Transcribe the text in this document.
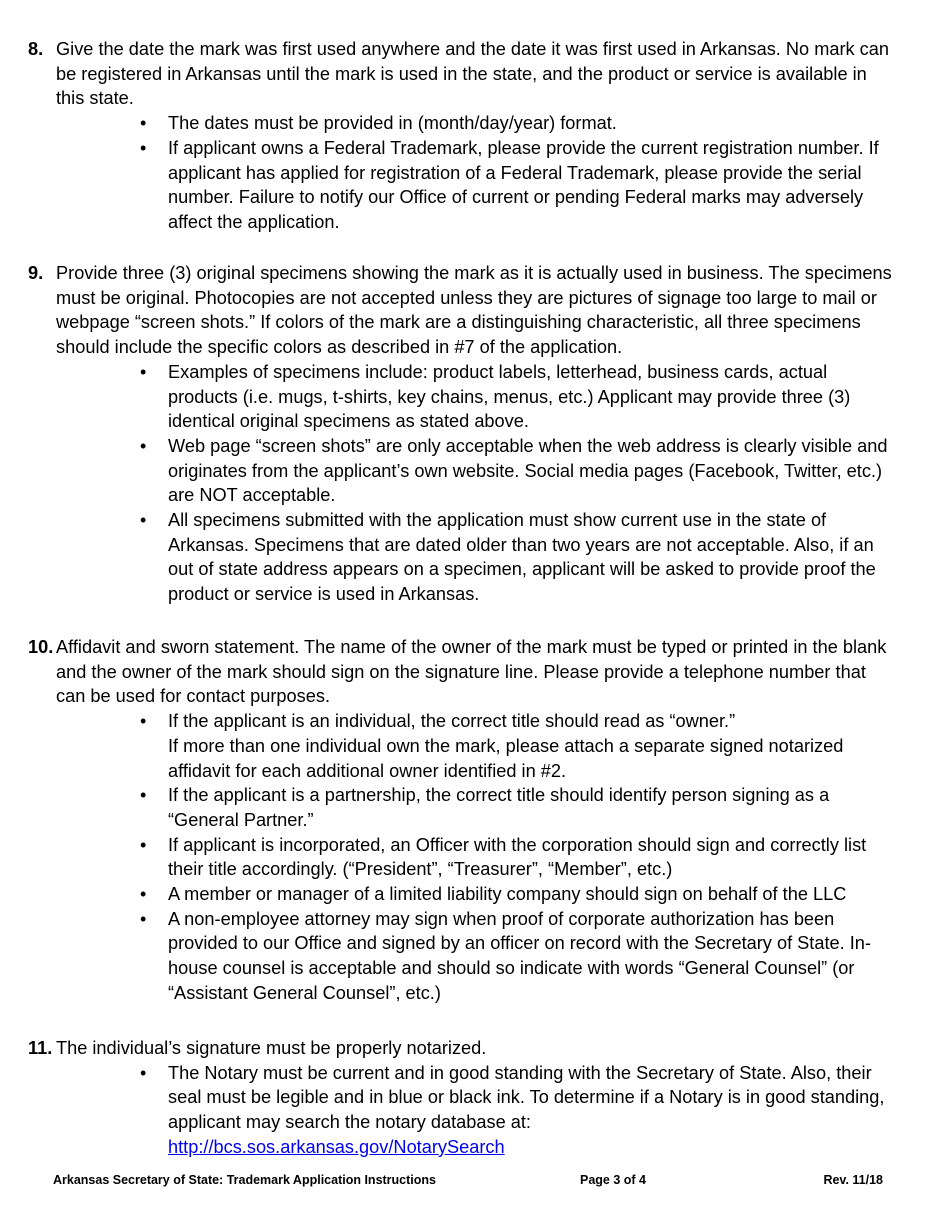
8. Give the date the mark was first used anywhere and the date it was first used in Arkansas. No mark can be registered in Arkansas until the mark is used in the state, and the product or service is available in this state.
• The dates must be provided in (month/day/year) format.
• If applicant owns a Federal Trademark, please provide the current registration number. If applicant has applied for registration of a Federal Trademark, please provide the serial number. Failure to notify our Office of current or pending Federal marks may adversely affect the application.
9. Provide three (3) original specimens showing the mark as it is actually used in business. The specimens must be original. Photocopies are not accepted unless they are pictures of signage too large to mail or webpage “screen shots.” If colors of the mark are a distinguishing characteristic, all three specimens should include the specific colors as described in #7 of the application.
• Examples of specimens include: product labels, letterhead, business cards, actual products (i.e. mugs, t-shirts, key chains, menus, etc.) Applicant may provide three (3) identical original specimens as stated above.
• Web page “screen shots” are only acceptable when the web address is clearly visible and originates from the applicant’s own website. Social media pages (Facebook, Twitter, etc.) are NOT acceptable.
• All specimens submitted with the application must show current use in the state of Arkansas. Specimens that are dated older than two years are not acceptable. Also, if an out of state address appears on a specimen, applicant will be asked to provide proof the product or service is used in Arkansas.
10. Affidavit and sworn statement. The name of the owner of the mark must be typed or printed in the blank and the owner of the mark should sign on the signature line. Please provide a telephone number that can be used for contact purposes.
• If the applicant is an individual, the correct title should read as “owner.”
If more than one individual own the mark, please attach a separate signed notarized affidavit for each additional owner identified in #2.
• If the applicant is a partnership, the correct title should identify person signing as a “General Partner.”
• If applicant is incorporated, an Officer with the corporation should sign and correctly list their title accordingly. (“President”, “Treasurer”, “Member”, etc.)
• A member or manager of a limited liability company should sign on behalf of the LLC
• A non-employee attorney may sign when proof of corporate authorization has been provided to our Office and signed by an officer on record with the Secretary of State. In-house counsel is acceptable and should so indicate with words “General Counsel” (or “Assistant General Counsel”, etc.)
11. The individual’s signature must be properly notarized.
• The Notary must be current and in good standing with the Secretary of State. Also, their seal must be legible and in blue or black ink. To determine if a Notary is in good standing, applicant may search the notary database at:
http://bcs.sos.arkansas.gov/NotarySearch
Arkansas Secretary of State: Trademark Application Instructions	Page 3 of 4	Rev. 11/18
